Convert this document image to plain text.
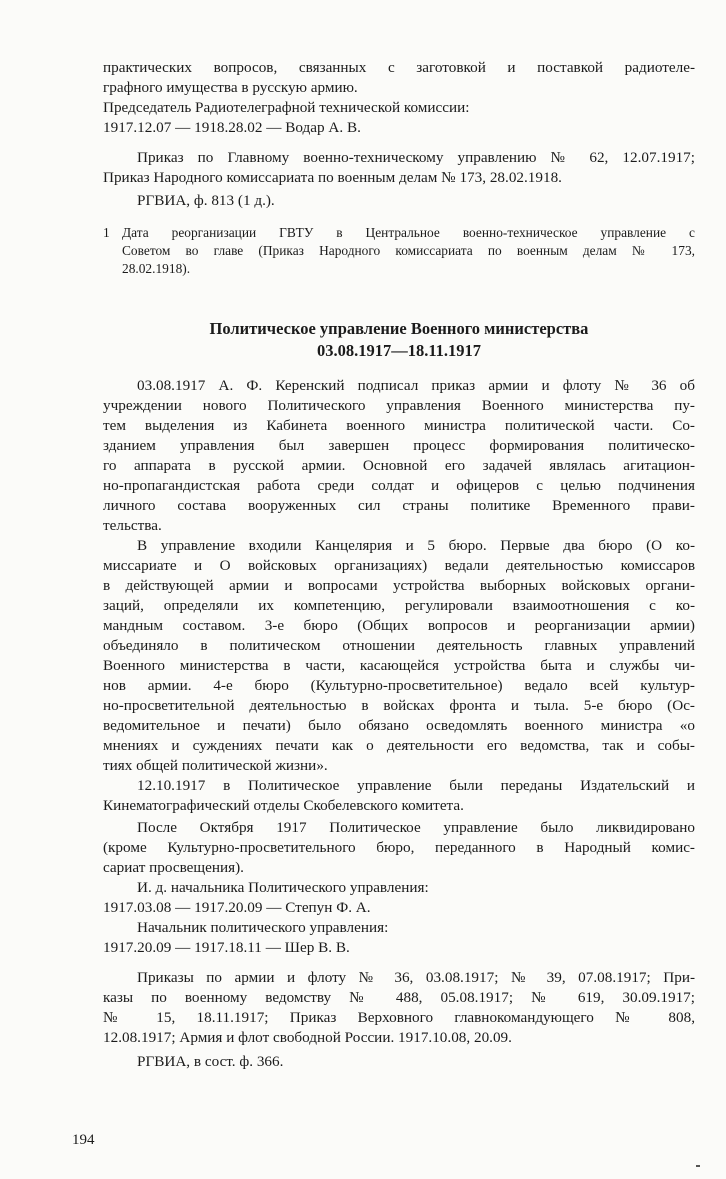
практических вопросов, связанных с заготовкой и поставкой радиотеле-
графного имущества в русскую армию.
Председатель Радиотелеграфной технической комиссии:
1917.12.07 — 1918.28.02 — Водар А. В.
Приказ по Главному военно-техническому управлению № 62, 12.07.1917;
Приказ Народного комиссариата по военным делам № 173, 28.02.1918.
РГВИА, ф. 813 (1 д.).
1 Дата реорганизации ГВТУ в Центральное военно-техническое управление с
Советом во главе (Приказ Народного комиссариата по военным делам № 173,
28.02.1918).
Политическое управление Военного министерства
03.08.1917—18.11.1917
03.08.1917 А. Ф. Керенский подписал приказ армии и флоту № 36 об
учреждении нового Политического управления Военного министерства пу-
тем выделения из Кабинета военного министра политической части. Со-
зданием управления был завершен процесс формирования политическо-
го аппарата в русской армии. Основной его задачей являлась агитацион-
но-пропагандистская работа среди солдат и офицеров с целью подчинения
личного состава вооруженных сил страны политике Временного прави-
тельства.
В управление входили Канцелярия и 5 бюро. Первые два бюро (О ко-
миссариате и О войсковых организациях) ведали деятельностью комиссаров
в действующей армии и вопросами устройства выборных войсковых органи-
заций, определяли их компетенцию, регулировали взаимоотношения с ко-
мандным составом. 3-е бюро (Общих вопросов и реорганизации армии)
объединяло в политическом отношении деятельность главных управлений
Военного министерства в части, касающейся устройства быта и службы чи-
нов армии. 4-е бюро (Культурно-просветительное) ведало всей культур-
но-просветительной деятельностью в войсках фронта и тыла. 5-е бюро (Ос-
ведомительное и печати) было обязано осведомлять военного министра «о
мнениях и суждениях печати как о деятельности его ведомства, так и собы-
тиях общей политической жизни».
12.10.1917 в Политическое управление были переданы Издательский и
Кинематографический отделы Скобелевского комитета.
После Октября 1917 Политическое управление было ликвидировано
(кроме Культурно-просветительного бюро, переданного в Народный комис-
сариат просвещения).
И. д. начальника Политического управления:
1917.03.08 — 1917.20.09 — Степун Ф. А.
Начальник политического управления:
1917.20.09 — 1917.18.11 — Шер В. В.
Приказы по армии и флоту № 36, 03.08.1917; № 39, 07.08.1917; При-
казы по военному ведомству № 488, 05.08.1917; № 619, 30.09.1917;
№ 15, 18.11.1917; Приказ Верховного главнокомандующего № 808,
12.08.1917; Армия и флот свободной России. 1917.10.08, 20.09.
РГВИА, в сост. ф. 366.
194
